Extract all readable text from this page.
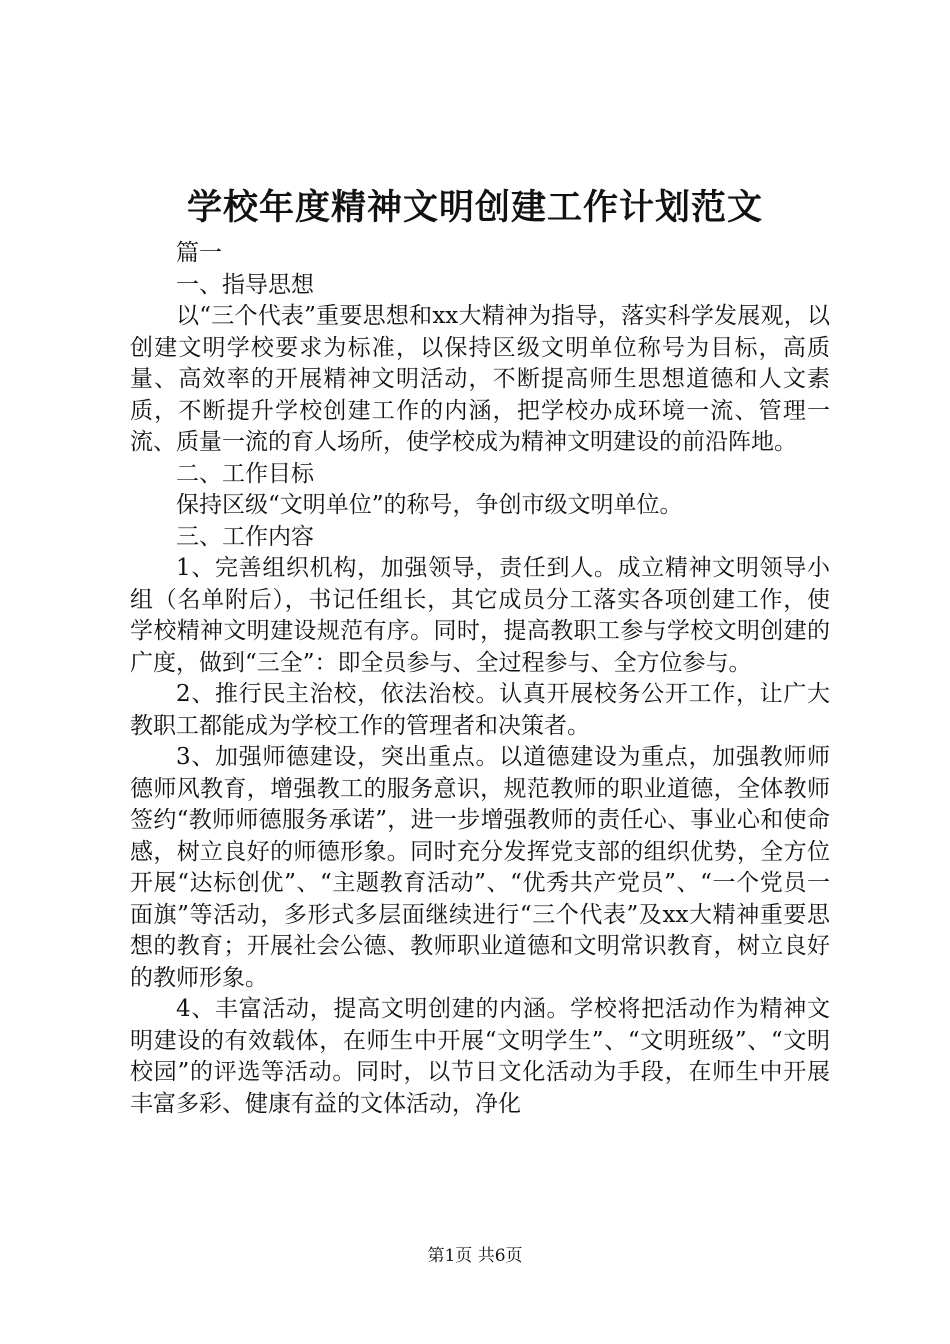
学校年度精神文明创建工作计划范文

篇一

一、指导思想

以“三个代表”重要思想和xx大精神为指导，落实科学发展观，以创建文明学校要求为标准，以保持区级文明单位称号为目标，高质量、高效率的开展精神文明活动，不断提高师生思想道德和人文素质，不断提升学校创建工作的内涵，把学校办成环境一流、管理一流、质量一流的育人场所，使学校成为精神文明建设的前沿阵地。

二、工作目标

保持区级“文明单位”的称号，争创市级文明单位。

三、工作内容

1、完善组织机构，加强领导，责任到人。成立精神文明领导小组（名单附后），书记任组长，其它成员分工落实各项创建工作，使学校精神文明建设规范有序。同时，提高教职工参与学校文明创建的广度，做到“三全”：即全员参与、全过程参与、全方位参与。

2、推行民主治校，依法治校。认真开展校务公开工作，让广大教职工都能成为学校工作的管理者和决策者。

3、加强师德建设，突出重点。以道德建设为重点，加强教师师德师风教育，增强教工的服务意识，规范教师的职业道德，全体教师签约“教师师德服务承诺”，进一步增强教师的责任心、事业心和使命感，树立良好的师德形象。同时充分发挥党支部的组织优势，全方位开展“达标创优”、“主题教育活动”、“优秀共产党员”、“一个党员一面旗”等活动，多形式多层面继续进行“三个代表”及xx大精神重要思想的教育；开展社会公德、教师职业道德和文明常识教育，树立良好的教师形象。

4、丰富活动，提高文明创建的内涵。学校将把活动作为精神文明建设的有效载体，在师生中开展“文明学生”、“文明班级”、“文明校园”的评选等活动。同时，以节日文化活动为手段，在师生中开展丰富多彩、健康有益的文体活动，净化

第1页 共6页
